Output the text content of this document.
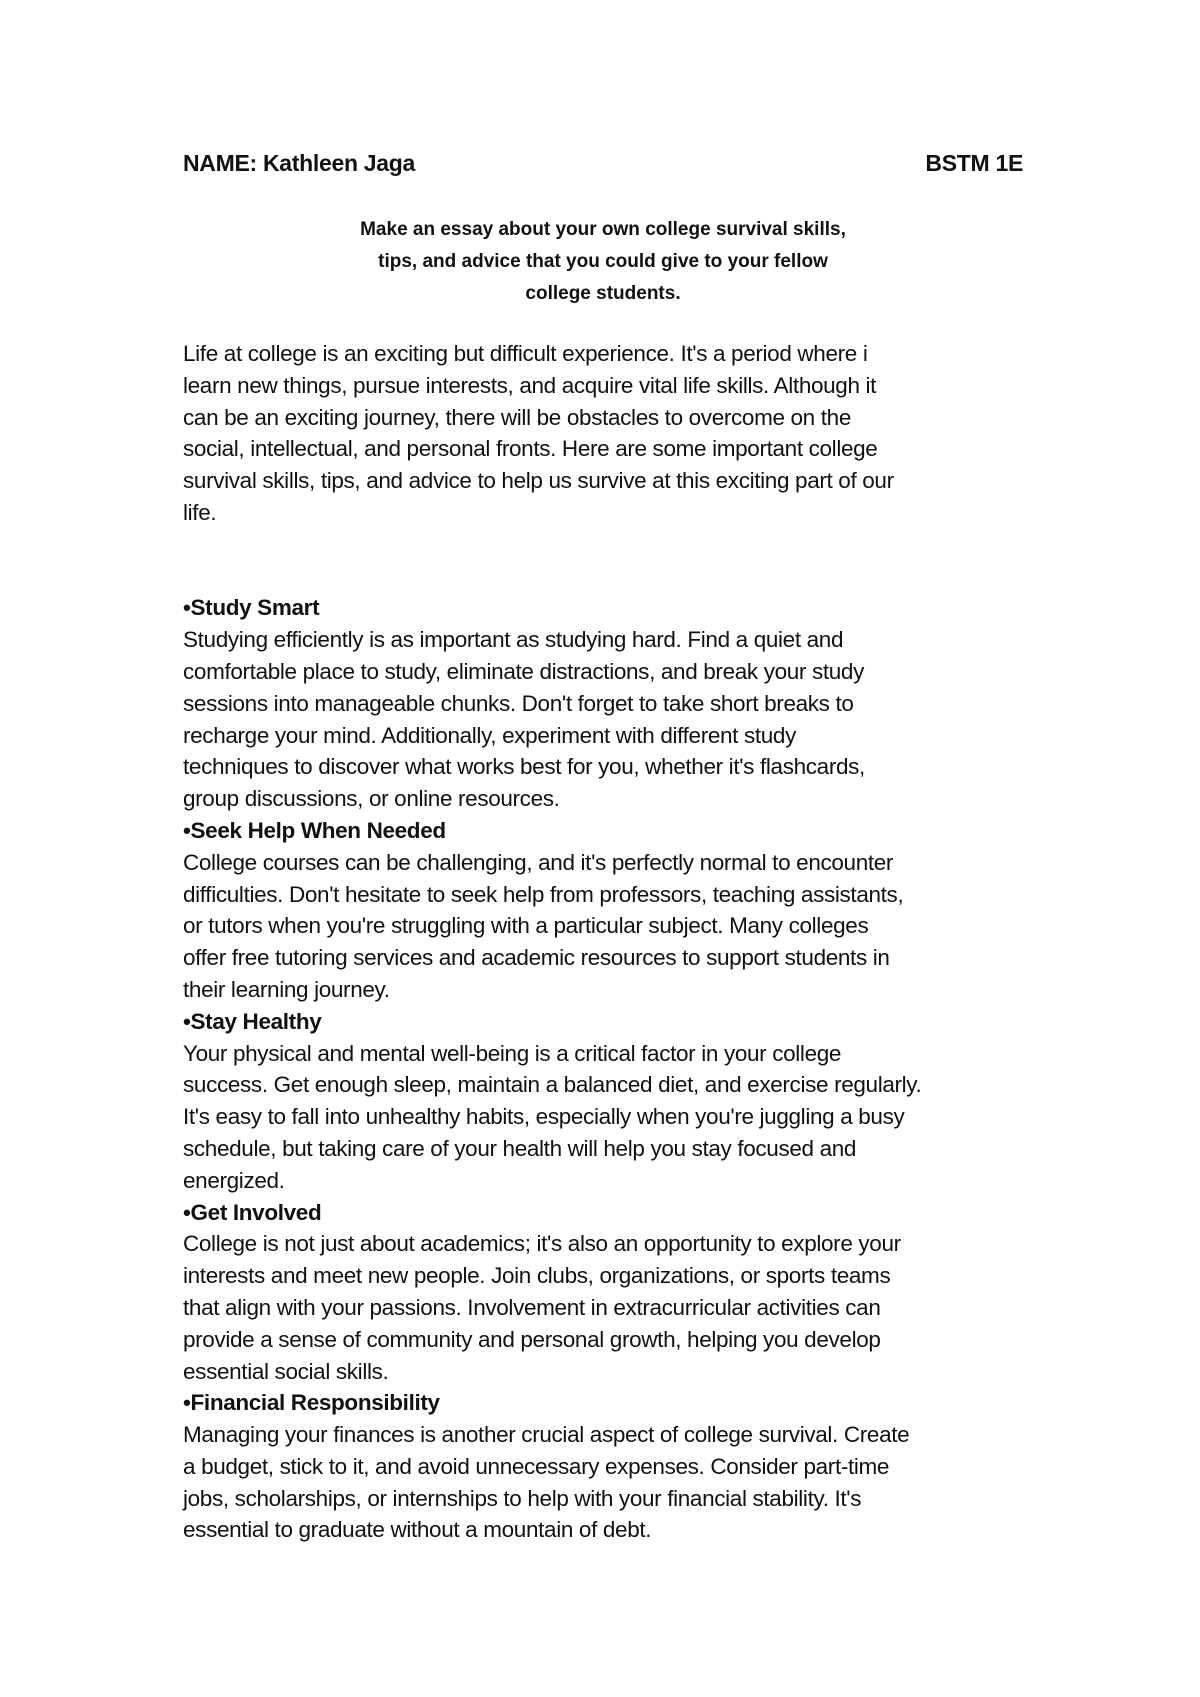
NAME: Kathleen Jaga	BSTM 1E
Make an essay about your own college survival skills,
tips, and advice that you could give to your fellow
college students.
Life at college is an exciting but difficult experience. It's a period where i
learn new things, pursue interests, and acquire vital life skills. Although it
can be an exciting journey, there will be obstacles to overcome on the
social, intellectual, and personal fronts. Here are some important college
survival skills, tips, and advice to help us survive at this exciting part of our
life.
•Study Smart
Studying efficiently is as important as studying hard. Find a quiet and
comfortable place to study, eliminate distractions, and break your study
sessions into manageable chunks. Don't forget to take short breaks to
recharge your mind. Additionally, experiment with different study
techniques to discover what works best for you, whether it's flashcards,
group discussions, or online resources.
•Seek Help When Needed
College courses can be challenging, and it's perfectly normal to encounter
difficulties. Don't hesitate to seek help from professors, teaching assistants,
or tutors when you're struggling with a particular subject. Many colleges
offer free tutoring services and academic resources to support students in
their learning journey.
•Stay Healthy
Your physical and mental well-being is a critical factor in your college
success. Get enough sleep, maintain a balanced diet, and exercise regularly.
It's easy to fall into unhealthy habits, especially when you're juggling a busy
schedule, but taking care of your health will help you stay focused and
energized.
•Get Involved
College is not just about academics; it's also an opportunity to explore your
interests and meet new people. Join clubs, organizations, or sports teams
that align with your passions. Involvement in extracurricular activities can
provide a sense of community and personal growth, helping you develop
essential social skills.
•Financial Responsibility
Managing your finances is another crucial aspect of college survival. Create
a budget, stick to it, and avoid unnecessary expenses. Consider part-time
jobs, scholarships, or internships to help with your financial stability. It's
essential to graduate without a mountain of debt.
